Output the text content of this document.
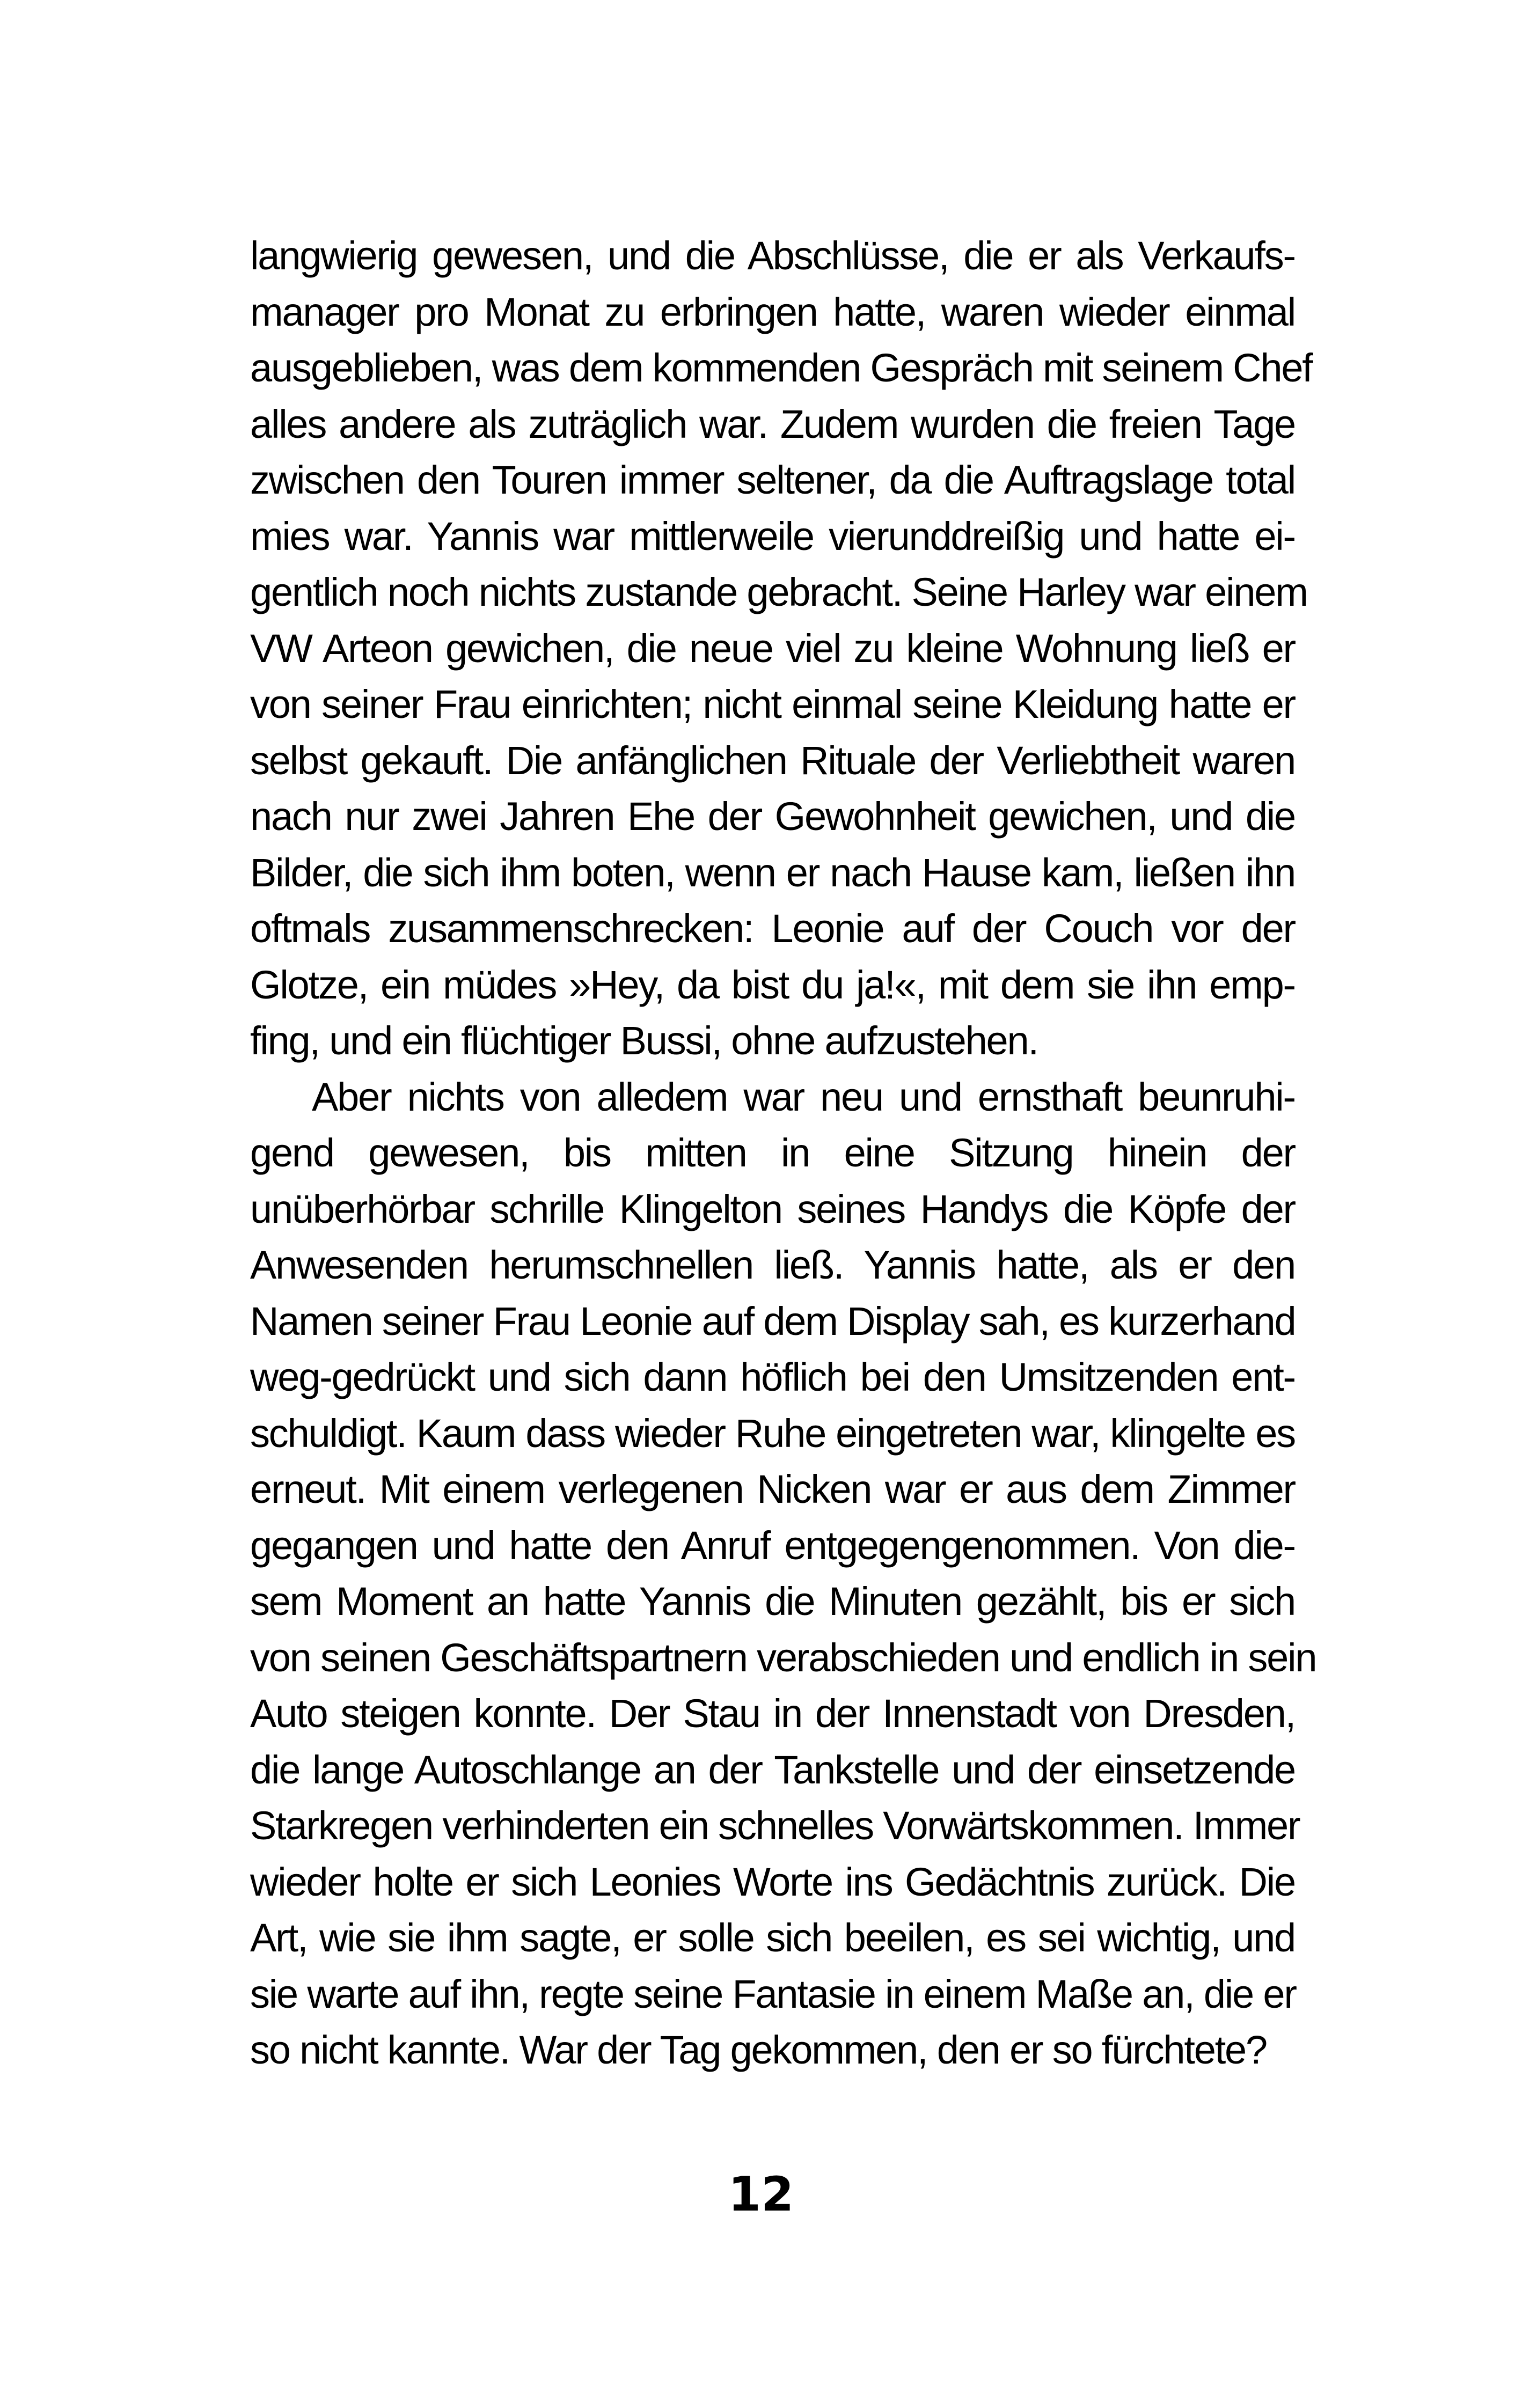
langwierig gewesen, und die Abschlüsse, die er als Verkaufs-
manager pro Monat zu erbringen hatte, waren wieder einmal
ausgeblieben, was dem kommenden Gespräch mit seinem Chef
alles andere als zuträglich war. Zudem wurden die freien Tage
zwischen den Touren immer seltener, da die Auftragslage total
mies war. Yannis war mittlerweile vierunddreißig und hatte ei-
gentlich noch nichts zustande gebracht. Seine Harley war einem
VW Arteon gewichen, die neue viel zu kleine Wohnung ließ er
von seiner Frau einrichten; nicht einmal seine Kleidung hatte er
selbst gekauft. Die anfänglichen Rituale der Verliebtheit waren
nach nur zwei Jahren Ehe der Gewohnheit gewichen, und die
Bilder, die sich ihm boten, wenn er nach Hause kam, ließen ihn
oftmals zusammenschrecken: Leonie auf der Couch vor der
Glotze, ein müdes »Hey, da bist du ja!«, mit dem sie ihn emp-
fing, und ein flüchtiger Bussi, ohne aufzustehen.
Aber nichts von alledem war neu und ernsthaft beunruhi-
gend gewesen, bis mitten in eine Sitzung hinein der
unüberhörbar schrille Klingelton seines Handys die Köpfe der
Anwesenden herumschnellen ließ. Yannis hatte, als er den
Namen seiner Frau Leonie auf dem Display sah, es kurzerhand
weg-gedrückt und sich dann höflich bei den Umsitzenden ent-
schuldigt. Kaum dass wieder Ruhe eingetreten war, klingelte es
erneut. Mit einem verlegenen Nicken war er aus dem Zimmer
gegangen und hatte den Anruf entgegengenommen. Von die-
sem Moment an hatte Yannis die Minuten gezählt, bis er sich
von seinen Geschäftspartnern verabschieden und endlich in sein
Auto steigen konnte. Der Stau in der Innenstadt von Dresden,
die lange Autoschlange an der Tankstelle und der einsetzende
Starkregen verhinderten ein schnelles Vorwärtskommen. Immer
wieder holte er sich Leonies Worte ins Gedächtnis zurück. Die
Art, wie sie ihm sagte, er solle sich beeilen, es sei wichtig, und
sie warte auf ihn, regte seine Fantasie in einem Maße an, die er
so nicht kannte. War der Tag gekommen, den er so fürchtete?
12
